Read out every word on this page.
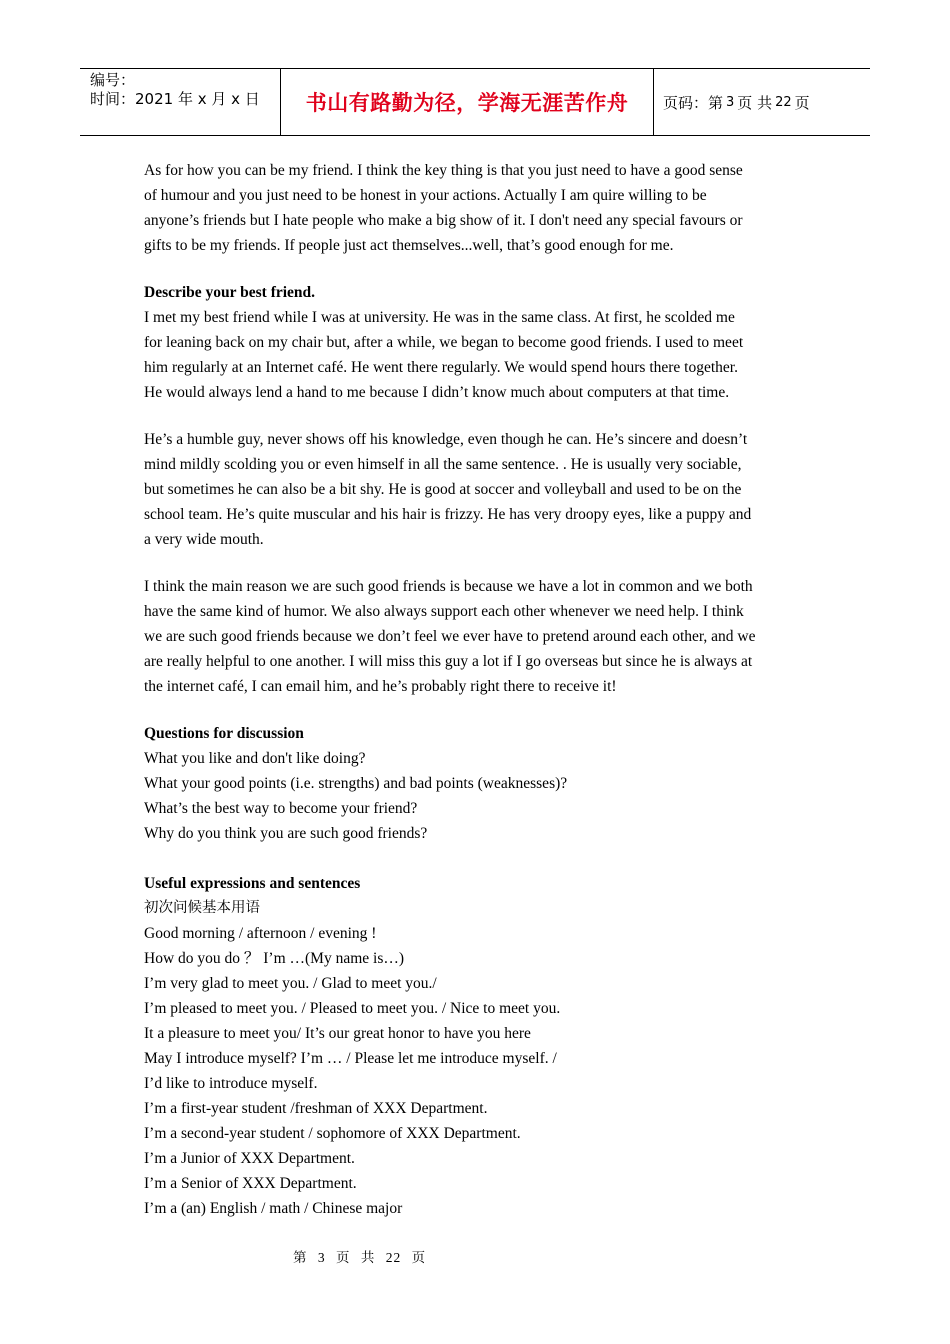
编号：
时间：2021 年 x 月 x 日	书山有路勤为径，学海无涯苦作舟	页码：第 3 页 共 22 页

As for how you can be my friend. I think the key thing is that you just need to have a good sense
of humour and you just need to be honest in your actions. Actually I am quire willing to be
anyone’s friends but I hate people who make a big show of it. I don't need any special favours or
gifts to be my friends. If people just act themselves...well, that’s good enough for me.

Describe your best friend.
I met my best friend while I was at university. He was in the same class. At first, he scolded me
for leaning back on my chair but, after a while, we began to become good friends. I used to meet
him regularly at an Internet café. He went there regularly. We would spend hours there together.
He would always lend a hand to me because I didn’t know much about computers at that time.

He’s a humble guy, never shows off his knowledge, even though he can. He’s sincere and doesn’t
mind mildly scolding you or even himself in all the same sentence. . He is usually very sociable,
but sometimes he can also be a bit shy. He is good at soccer and volleyball and used to be on the
school team. He’s quite muscular and his hair is frizzy. He has very droopy eyes, like a puppy and
a very wide mouth.

I think the main reason we are such good friends is because we have a lot in common and we both
have the same kind of humor. We also always support each other whenever we need help. I think
we are such good friends because we don’t feel we ever have to pretend around each other, and we
are really helpful to one another. I will miss this guy a lot if I go overseas but since he is always at
the internet café, I can email him, and he’s probably right there to receive it!

Questions for discussion
What you like and don't like doing?
What your good points (i.e. strengths) and bad points (weaknesses)?
What’s the best way to become your friend?
Why do you think you are such good friends?

Useful expressions and sentences
初次问候基本用语
Good morning / afternoon / evening !
How do you do ？ I’m …(My name is…)
I’m very glad to meet you. / Glad to meet you./
I’m pleased to meet you. / Pleased to meet you. / Nice to meet you.
It a pleasure to meet you/ It’s our great honor to have you here
May I introduce myself? I’m … / Please let me introduce myself. /
I’d like to introduce myself.
I’m a first-year student /freshman of XXX Department.
I’m a second-year student / sophomore of XXX Department.
I’m a Junior of XXX Department.
I’m a Senior of XXX Department.
I’m a (an) English / math / Chinese major

第 3 页 共 22 页
